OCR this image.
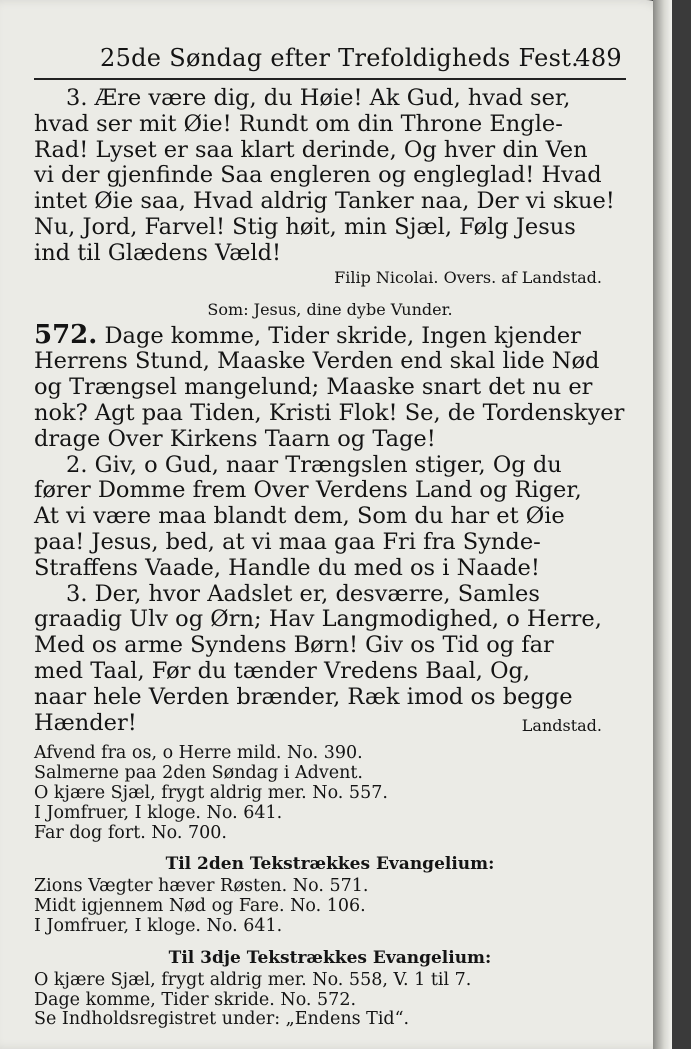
25de Søndag efter Trefoldigheds Fest.
489
3. Ære være dig, du Høie! Ak Gud, hvad ser,
hvad ser mit Øie! Rundt om din Throne Engle-
Rad! Lyset er saa klart derinde, Og hver din Ven
vi der gjenfinde Saa engleren og engleglad! Hvad
intet Øie saa, Hvad aldrig Tanker naa, Der vi skue!
Nu, Jord, Farvel! Stig høit, min Sjæl, Følg Jesus
ind til Glædens Væld!
Filip Nicolai. Overs. af Landstad.
Som: Jesus, dine dybe Vunder.
572. Dage komme, Tider skride, Ingen kjender
Herrens Stund, Maaske Verden end skal lide Nød
og Trængsel mangelund; Maaske snart det nu er
nok? Agt paa Tiden, Kristi Flok! Se, de Tordenskyer
drage Over Kirkens Taarn og Tage!
2. Giv, o Gud, naar Trængslen stiger, Og du
fører Domme frem Over Verdens Land og Riger,
At vi være maa blandt dem, Som du har et Øie
paa! Jesus, bed, at vi maa gaa Fri fra Synde-
Straffens Vaade, Handle du med os i Naade!
3. Der, hvor Aadslet er, desværre, Samles
graadig Ulv og Ørn; Hav Langmodighed, o Herre,
Med os arme Syndens Børn! Giv os Tid og far
med Taal, Før du tænder Vredens Baal, Og,
naar hele Verden brænder, Ræk imod os begge
Hænder!	Landstad.
Afvend fra os, o Herre mild. No. 390.
Salmerne paa 2den Søndag i Advent.
O kjære Sjæl, frygt aldrig mer. No. 557.
I Jomfruer, I kloge. No. 641.
Far dog fort. No. 700.
Til 2den Tekstrækkes Evangelium:
Zions Vægter hæver Røsten. No. 571.
Midt igjennem Nød og Fare. No. 106.
I Jomfruer, I kloge. No. 641.
Til 3dje Tekstrækkes Evangelium:
O kjære Sjæl, frygt aldrig mer. No. 558, V. 1 til 7.
Dage komme, Tider skride. No. 572.
Se Indholdsregistret under: „Endens Tid“.
